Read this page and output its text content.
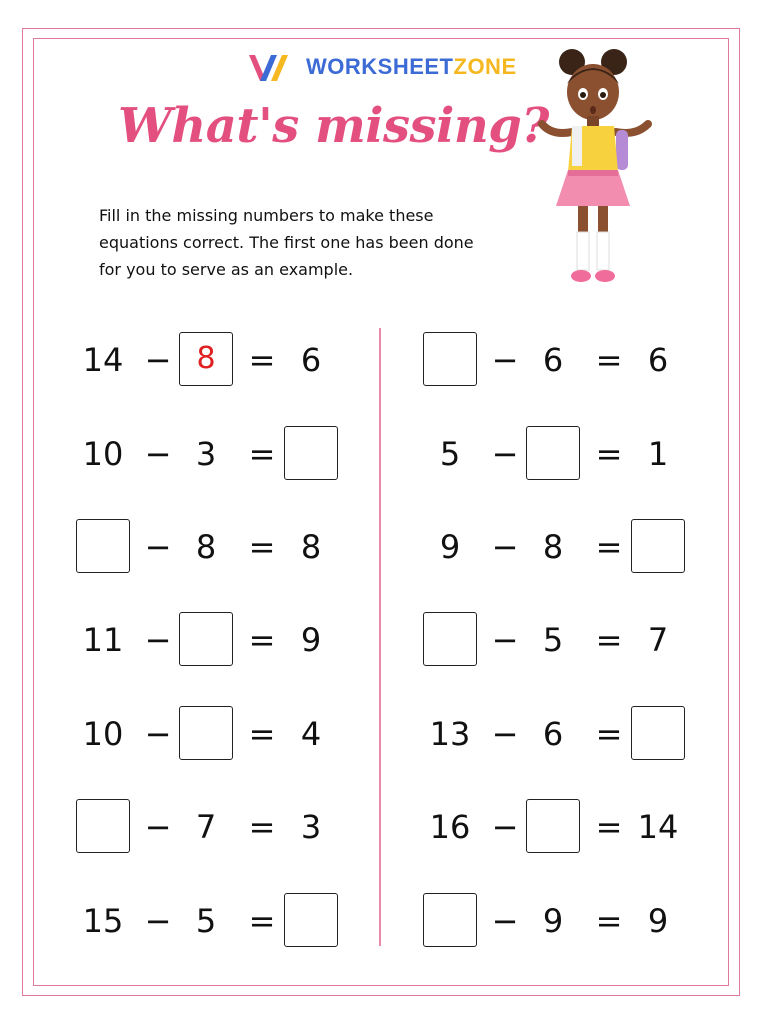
WORKSHEETZONE
What's missing?
Fill in the missing numbers to make these equations correct. The first one has been done for you to serve as an example.
14 − 8	= 6
10 − 3	=
− 8	= 8
11 − = 9
10 − = 4
− 7	= 3
15 − 5	=
− 6	= 6
5 − = 1
9 − 8	=
− 5	= 7
13 − 6	=
16 − = 14
− 9	= 9
